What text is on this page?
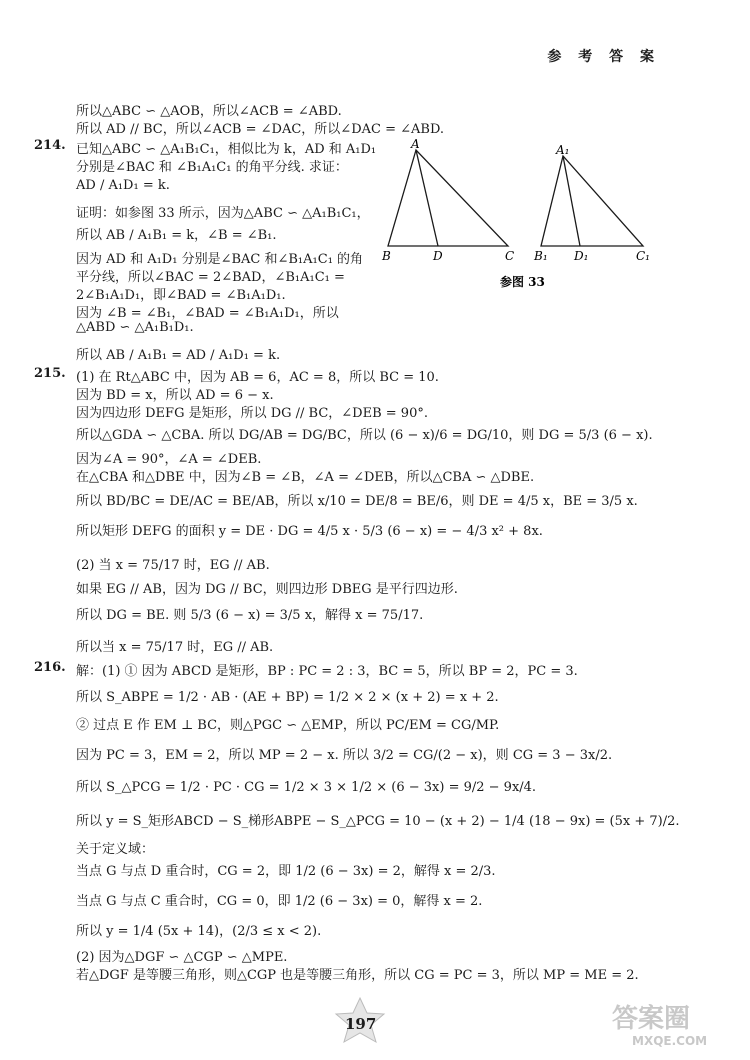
参 考 答 案
所以△ABC ∽ △AOB，所以∠ACB = ∠ABD.
所以 AD // BC，所以∠ACB = ∠DAC，所以∠DAC = ∠ABD.
214. 已知△ABC ∽ △A₁B₁C₁，相似比为 k，AD 和 A₁D₁
分别是∠BAC 和 ∠B₁A₁C₁ 的角平分线. 求证：
AD / A₁D₁ = k.
证明：如参图 33 所示，因为△ABC ∽ △A₁B₁C₁，
所以 AB / A₁B₁ = k，∠B = ∠B₁.
因为 AD 和 A₁D₁ 分别是∠BAC 和∠B₁A₁C₁ 的角
平分线，所以∠BAC = 2∠BAD，∠B₁A₁C₁ =
2∠B₁A₁D₁，即∠BAD = ∠B₁A₁D₁.
因为 ∠B = ∠B₁，∠BAD = ∠B₁A₁D₁，所以
△ABD ∽ △A₁B₁D₁.
所以 AB / A₁B₁ = AD / A₁D₁ = k.
A
B	D	C
A₁
B₁ D₁	C₁
参图 33
215. (1) 在 Rt△ABC 中，因为 AB = 6，AC = 8，所以 BC = 10.
因为 BD = x，所以 AD = 6 − x.
因为四边形 DEFG 是矩形，所以 DG // BC，∠DEB = 90°.
所以△GDA ∽ △CBA. 所以 DG/AB = DG/BC，所以 (6 − x)/6 = DG/10，则 DG = 5/3 (6 − x).
因为∠A = 90°，∠A = ∠DEB.
在△CBA 和△DBE 中，因为∠B = ∠B，∠A = ∠DEB，所以△CBA ∽ △DBE.
所以 BD/BC = DE/AC = BE/AB，所以 x/10 = DE/8 = BE/6，则 DE = 4/5 x，BE = 3/5 x.
所以矩形 DEFG 的面积 y = DE · DG = 4/5 x · 5/3 (6 − x) = − 4/3 x² + 8x.
(2) 当 x = 75/17 时，EG // AB.
如果 EG // AB，因为 DG // BC，则四边形 DBEG 是平行四边形.
所以 DG = BE. 则 5/3 (6 − x) = 3/5 x，解得 x = 75/17.
所以当 x = 75/17 时，EG // AB.
216. 解：(1) ① 因为 ABCD 是矩形，BP : PC = 2 : 3，BC = 5，所以 BP = 2，PC = 3.
所以 S_ABPE = 1/2 · AB · (AE + BP) = 1/2 × 2 × (x + 2) = x + 2.
② 过点 E 作 EM ⊥ BC，则△PGC ∽ △EMP，所以 PC/EM = CG/MP.
因为 PC = 3，EM = 2，所以 MP = 2 − x. 所以 3/2 = CG/(2 − x)，则 CG = 3 − 3x/2.
所以 S_△PCG = 1/2 · PC · CG = 1/2 × 3 × 1/2 × (6 − 3x) = 9/2 − 9x/4.
所以 y = S_矩形ABCD − S_梯形ABPE − S_△PCG = 10 − (x + 2) − 1/4 (18 − 9x) = (5x + 7)/2.
关于定义域：
当点 G 与点 D 重合时，CG = 2，即 1/2 (6 − 3x) = 2，解得 x = 2/3.
当点 G 与点 C 重合时，CG = 0，即 1/2 (6 − 3x) = 0，解得 x = 2.
所以 y = 1/4 (5x + 14)，(2/3 ≤ x < 2).
(2) 因为△DGF ∽ △CGP ∽ △MPE.
若△DGF 是等腰三角形，则△CGP 也是等腰三角形，所以 CG = PC = 3，所以 MP = ME = 2.
197	答案圈
MXQE.COM
